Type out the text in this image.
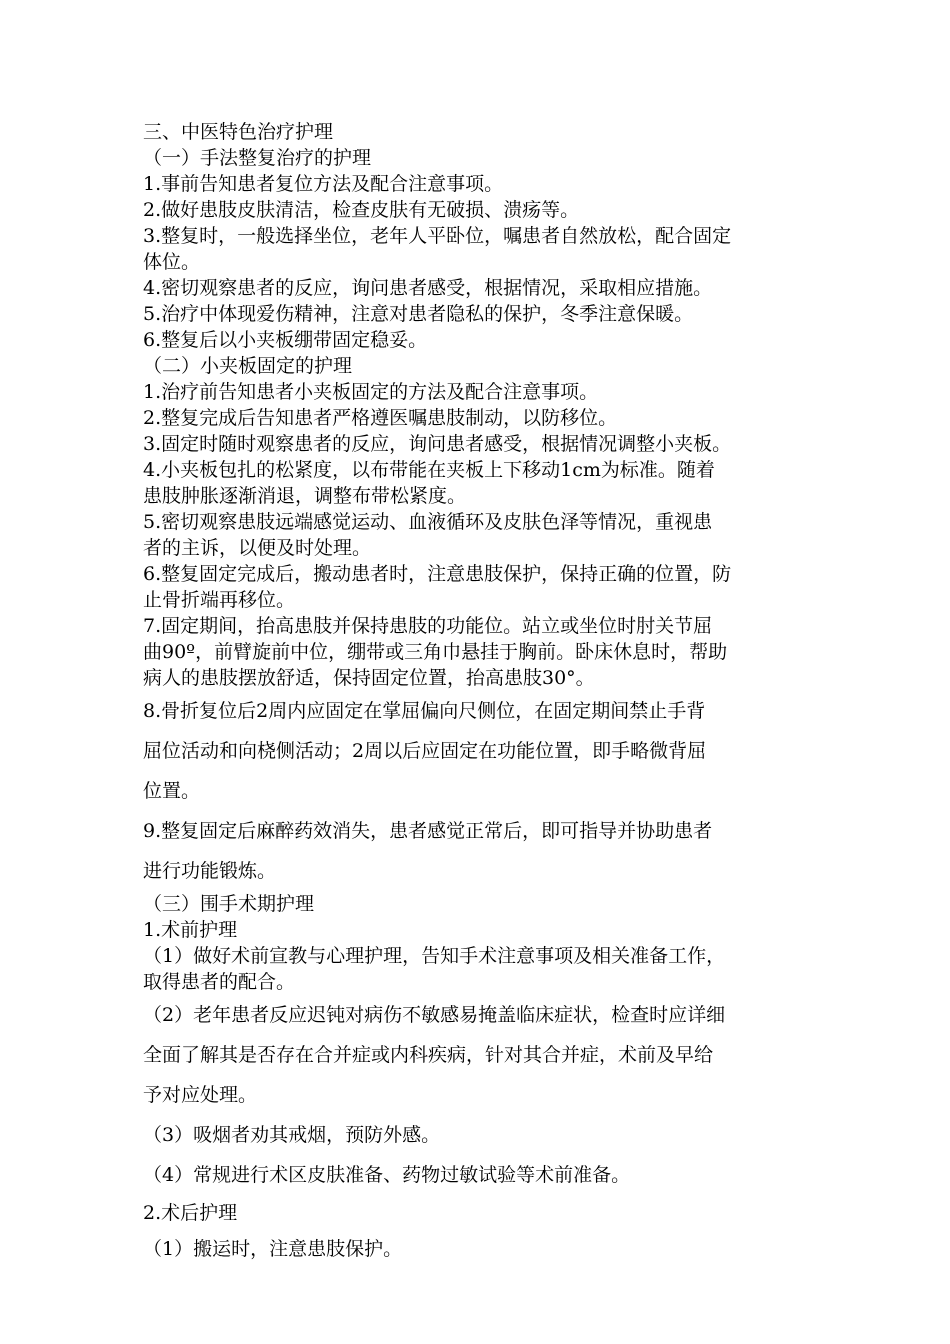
三、中医特色治疗护理
（一）手法整复治疗的护理
1.事前告知患者复位方法及配合注意事项。
2.做好患肢皮肤清洁，检查皮肤有无破损、溃疡等。
3.整复时，一般选择坐位，老年人平卧位，嘱患者自然放松，配合固定
体位。
4.密切观察患者的反应，询问患者感受，根据情况，采取相应措施。
5.治疗中体现爱伤精神，注意对患者隐私的保护，冬季注意保暖。
6.整复后以小夹板绷带固定稳妥。
（二）小夹板固定的护理
1.治疗前告知患者小夹板固定的方法及配合注意事项。
2.整复完成后告知患者严格遵医嘱患肢制动，以防移位。
3.固定时随时观察患者的反应，询问患者感受，根据情况调整小夹板。
4.小夹板包扎的松紧度，以布带能在夹板上下移动1cm为标准。随着
患肢肿胀逐渐消退，调整布带松紧度。
5.密切观察患肢远端感觉运动、血液循环及皮肤色泽等情况，重视患
者的主诉，以便及时处理。
6.整复固定完成后，搬动患者时，注意患肢保护，保持正确的位置，防
止骨折端再移位。
7.固定期间，抬高患肢并保持患肢的功能位。站立或坐位时肘关节屈
曲90º，前臂旋前中位，绷带或三角巾悬挂于胸前。卧床休息时，帮助
病人的患肢摆放舒适，保持固定位置，抬高患肢30°。
8.骨折复位后2周内应固定在掌屈偏向尺侧位，在固定期间禁止手背
屈位活动和向桡侧活动；2周以后应固定在功能位置，即手略微背屈
位置。
9.整复固定后麻醉药效消失，患者感觉正常后，即可指导并协助患者
进行功能锻炼。
（三）围手术期护理
1.术前护理
（1）做好术前宣教与心理护理，告知手术注意事项及相关准备工作，
取得患者的配合。
（2）老年患者反应迟钝对病伤不敏感易掩盖临床症状，检查时应详细
全面了解其是否存在合并症或内科疾病，针对其合并症，术前及早给
予对应处理。
（3）吸烟者劝其戒烟，预防外感。
（4）常规进行术区皮肤准备、药物过敏试验等术前准备。
2.术后护理
（1）搬运时，注意患肢保护。
